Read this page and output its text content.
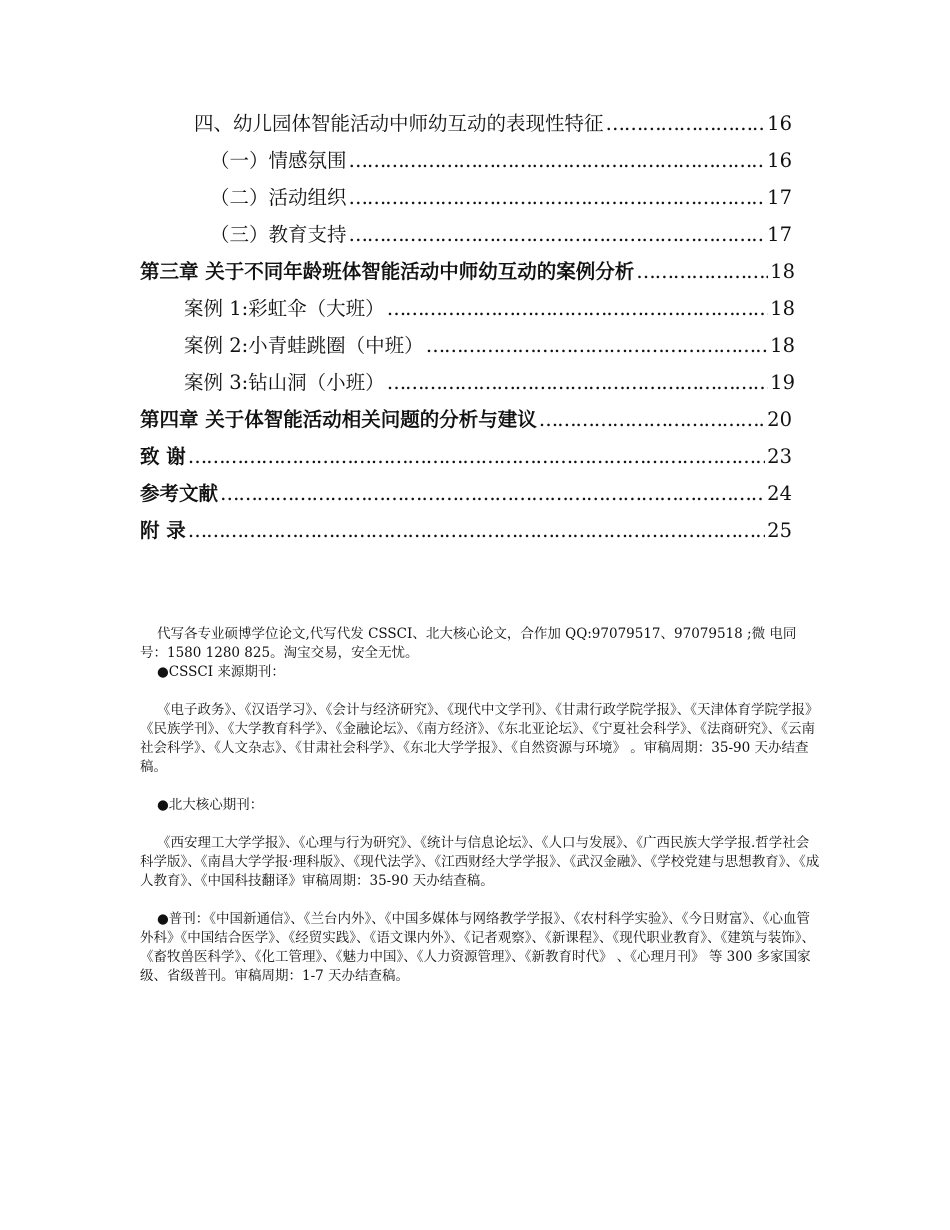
四、幼儿园体智能活动中师幼互动的表现性特征 …………………………………………………………………………………………………………………………	16
（一）情感氛围 …………………………………………………………………………………………………………………………	16
（二）活动组织 …………………………………………………………………………………………………………………………	17
（三）教育支持 …………………………………………………………………………………………………………………………	17
第三章 关于不同年龄班体智能活动中师幼互动的案例分析 …………………………………………………………………………………………………………………………	18
案例 1:彩虹伞（大班） …………………………………………………………………………………………………………………………	18
案例 2:小青蛙跳圈（中班） …………………………………………………………………………………………………………………………	18
案例 3:钻山洞（小班） …………………………………………………………………………………………………………………………	19
第四章 关于体智能活动相关问题的分析与建议 …………………………………………………………………………………………………………………………	20
致 谢 …………………………………………………………………………………………………………………………	23
参考文献 …………………………………………………………………………………………………………………………	24
附 录 …………………………………………………………………………………………………………………………	25

代写各专业硕博学位论文,代写代发 CSSCI、北大核心论文，合作加 QQ:97079517、97079518 ;微 电同号：1580 1280 825。淘宝交易，安全无忧。

●CSSCI 来源期刊：

《电子政务》、《汉语学习》、《会计与经济研究》、《现代中文学刊》、《甘肃行政学院学报》、《天津体育学院学报》《民族学刊》、《大学教育科学》、《金融论坛》、《南方经济》、《东北亚论坛》、《宁夏社会科学》、《法商研究》、《云南社会科学》、《人文杂志》、《甘肃社会科学》、《东北大学学报》、《自然资源与环境》 。审稿周期：35-90 天办结查稿。

●北大核心期刊：

《西安理工大学学报》、《心理与行为研究》、《统计与信息论坛》、《人口与发展》、《广西民族大学学报.哲学社会科学版》、《南昌大学学报·理科版》、《现代法学》、《江西财经大学学报》、《武汉金融》、《学校党建与思想教育》、《成人教育》、《中国科技翻译》审稿周期：35-90 天办结查稿。

●普刊：《中国新通信》、《兰台内外》、《中国多媒体与网络教学学报》、《农村科学实验》、《今日财富》、《心血管外科》《中国结合医学》、《经贸实践》、《语文课内外》、《记者观察》、《新课程》、《现代职业教育》、《建筑与装饰》、《畜牧兽医科学》、《化工管理》、《魅力中国》、《人力资源管理》、《新教育时代》 、《心理月刊》 等 300 多家国家级、省级普刊。审稿周期：1-7 天办结查稿。
